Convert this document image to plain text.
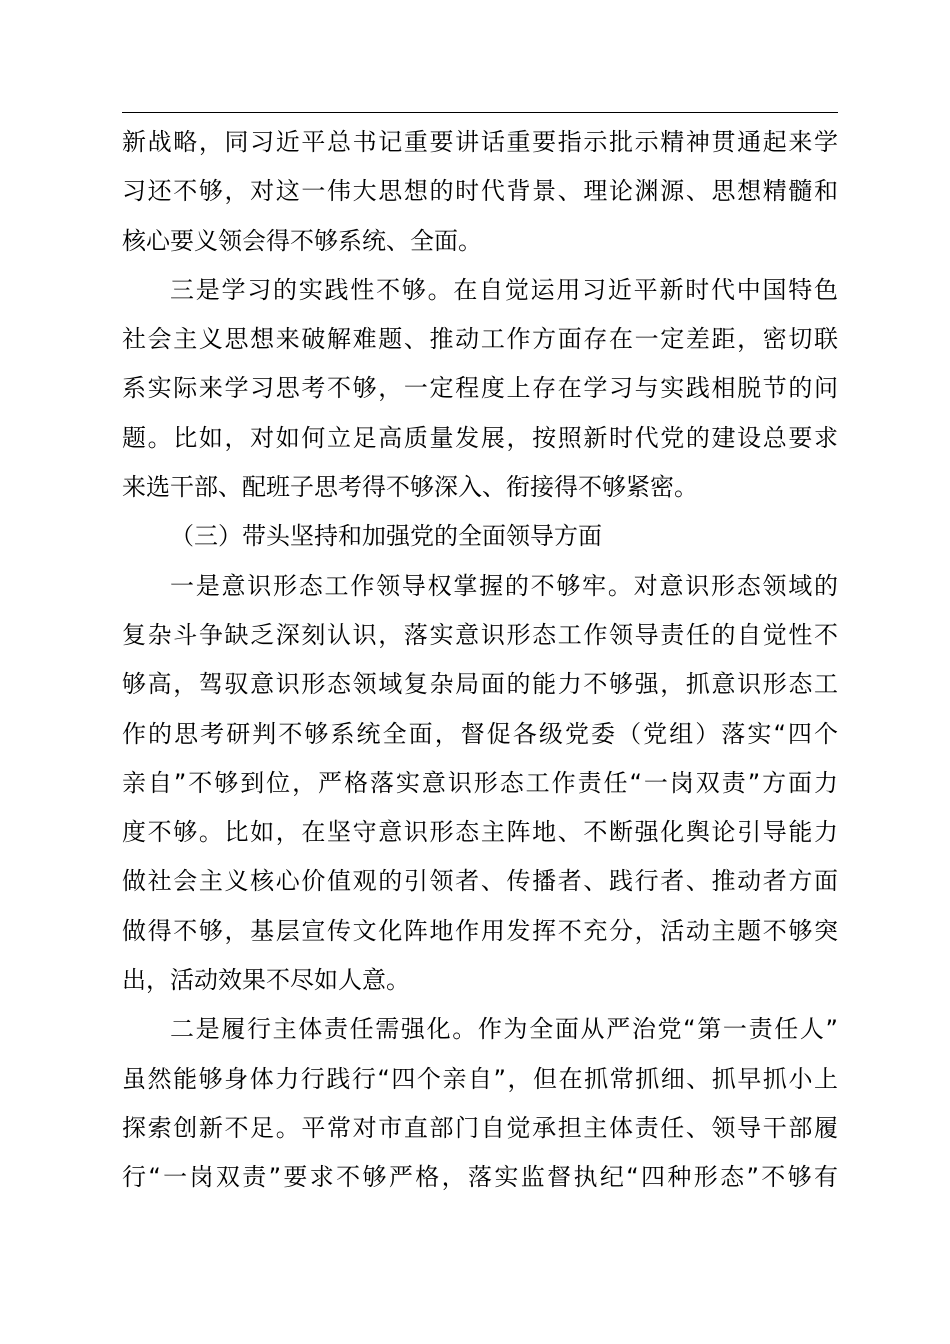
新战略，同习近平总书记重要讲话重要指示批示精神贯通起来学
习还不够，对这一伟大思想的时代背景、理论渊源、思想精髓和
核心要义领会得不够系统、全面。
三是学习的实践性不够。在自觉运用习近平新时代中国特色
社会主义思想来破解难题、推动工作方面存在一定差距，密切联
系实际来学习思考不够，一定程度上存在学习与实践相脱节的问
题。比如，对如何立足高质量发展，按照新时代党的建设总要求
来选干部、配班子思考得不够深入、衔接得不够紧密。
（三）带头坚持和加强党的全面领导方面
一是意识形态工作领导权掌握的不够牢。对意识形态领域的
复杂斗争缺乏深刻认识，落实意识形态工作领导责任的自觉性不
够高，驾驭意识形态领域复杂局面的能力不够强，抓意识形态工
作的思考研判不够系统全面，督促各级党委（党组）落实“四个
亲自”不够到位，严格落实意识形态工作责任“一岗双责”方面力
度不够。比如，在坚守意识形态主阵地、不断强化舆论引导能力
做社会主义核心价值观的引领者、传播者、践行者、推动者方面
做得不够，基层宣传文化阵地作用发挥不充分，活动主题不够突
出，活动效果不尽如人意。
二是履行主体责任需强化。作为全面从严治党“第一责任人”
虽然能够身体力行践行“四个亲自”，但在抓常抓细、抓早抓小上
探索创新不足。平常对市直部门自觉承担主体责任、领导干部履
行“一岗双责”要求不够严格，落实监督执纪“四种形态”不够有
